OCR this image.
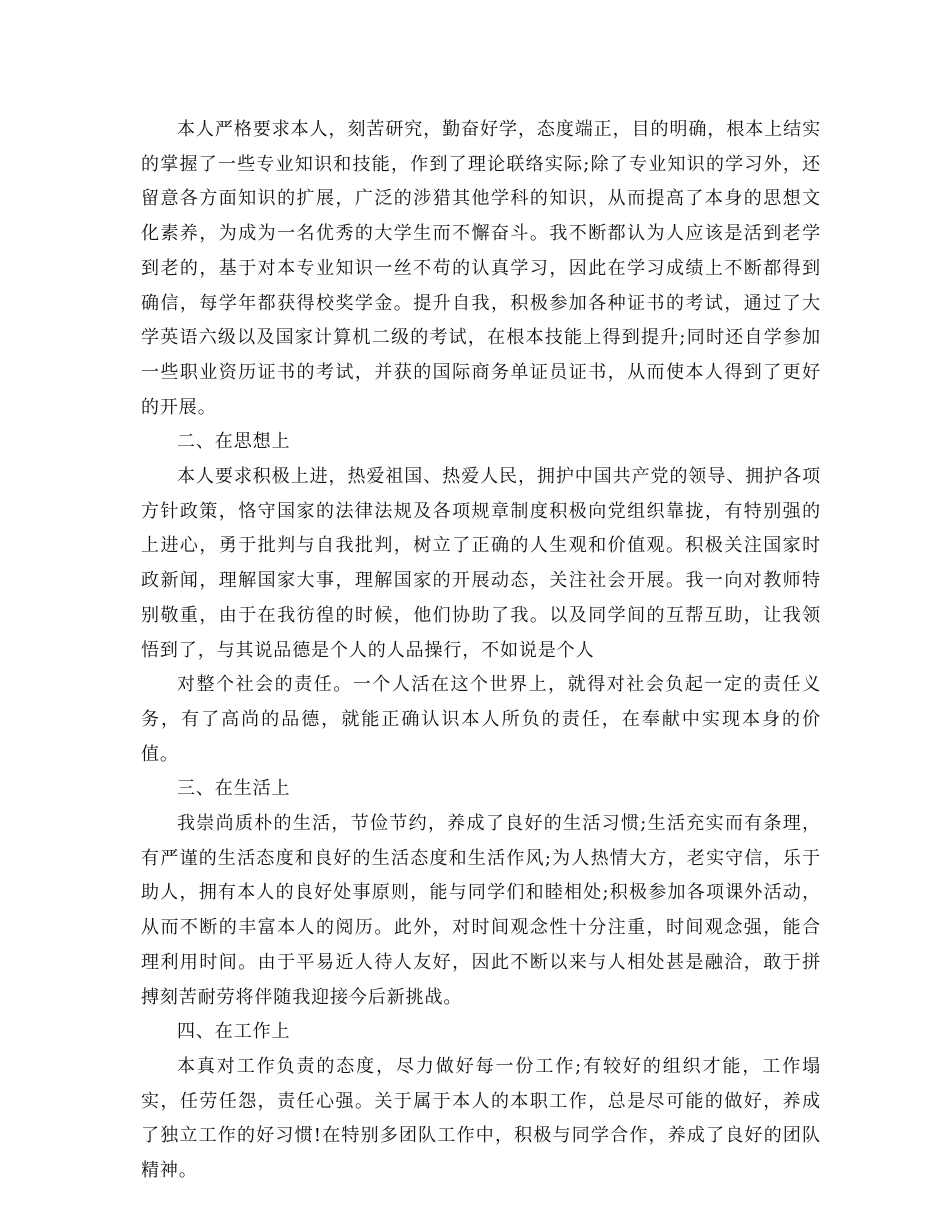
本人严格要求本人，刻苦研究，勤奋好学，态度端正，目的明确，根本上结实的掌握了一些专业知识和技能，作到了理论联络实际;除了专业知识的学习外，还留意各方面知识的扩展，广泛的涉猎其他学科的知识，从而提高了本身的思想文化素养，为成为一名优秀的大学生而不懈奋斗。我不断都认为人应该是活到老学到老的，基于对本专业知识一丝不苟的认真学习，因此在学习成绩上不断都得到确信，每学年都获得校奖学金。提升自我，积极参加各种证书的考试，通过了大学英语六级以及国家计算机二级的考试，在根本技能上得到提升;同时还自学参加一些职业资历证书的考试，并获的国际商务单证员证书，从而使本人得到了更好的开展。

二、在思想上

本人要求积极上进，热爱祖国、热爱人民，拥护中国共产党的领导、拥护各项方针政策，恪守国家的法律法规及各项规章制度积极向党组织靠拢，有特别强的上进心，勇于批判与自我批判，树立了正确的人生观和价值观。积极关注国家时政新闻，理解国家大事，理解国家的开展动态，关注社会开展。我一向对教师特别敬重，由于在我彷徨的时候，他们协助了我。以及同学间的互帮互助，让我领悟到了，与其说品德是个人的人品操行，不如说是个人

对整个社会的责任。一个人活在这个世界上，就得对社会负起一定的责任义务，有了高尚的品德，就能正确认识本人所负的责任，在奉献中实现本身的价值。

三、在生活上

我崇尚质朴的生活，节俭节约，养成了良好的生活习惯;生活充实而有条理，有严谨的生活态度和良好的生活态度和生活作风;为人热情大方，老实守信，乐于助人，拥有本人的良好处事原则，能与同学们和睦相处;积极参加各项课外活动，从而不断的丰富本人的阅历。此外，对时间观念性十分注重，时间观念强，能合理利用时间。由于平易近人待人友好，因此不断以来与人相处甚是融洽，敢于拼搏刻苦耐劳将伴随我迎接今后新挑战。

四、在工作上

本真对工作负责的态度，尽力做好每一份工作;有较好的组织才能，工作塌实，任劳任怨，责任心强。关于属于本人的本职工作，总是尽可能的做好，养成了独立工作的好习惯!在特别多团队工作中，积极与同学合作，养成了良好的团队精神。
